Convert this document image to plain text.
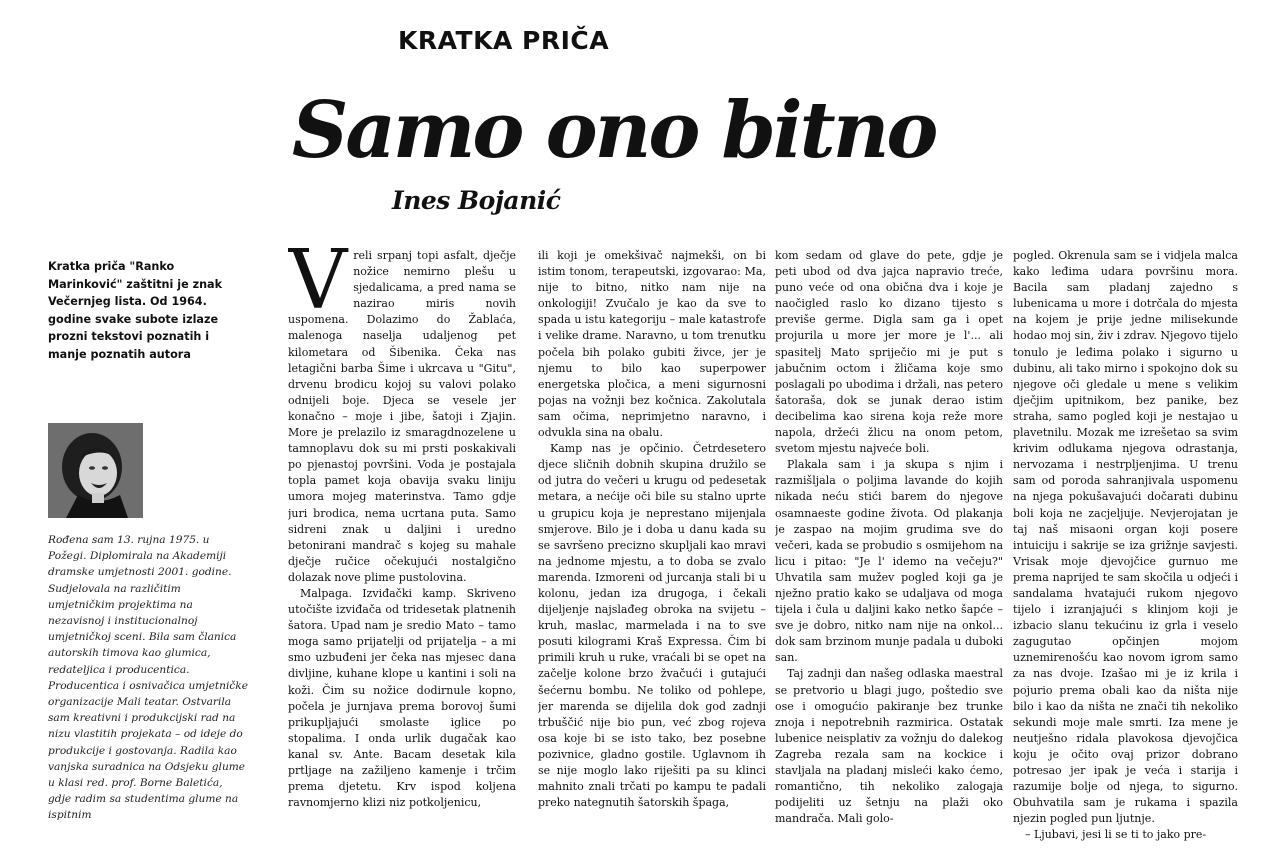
KRATKA PRIČA
Samo ono bitno
Ines Bojanić
Kratka priča "Ranko Marinković" zaštitni je znak Večernjeg lista. Od 1964. godine svake subote izlaze prozni tekstovi poznatih i manje poznatih autora
Rođena sam 13. rujna 1975. u Požegi. Diplomirala na Akademiji dramske umjetnosti 2001. godine. Sudjelovala na različitim umjetničkim projektima na nezavisnoj i institucionalnoj umjetničkoj sceni. Bila sam članica autorskih timova kao glumica, redateljica i producentica. Producentica i osnivačica umjetničke organizacije Mali teatar. Ostvarila sam kreativni i produkcijski rad na nizu vlastitih projekata – od ideje do produkcije i gostovanja. Radila kao vanjska suradnica na Odsjeku glume u klasi red. prof. Borne Baletića, gdje radim sa studentima glume na ispitnim
V reli srpanj topi asfalt, dječje nožice nemirno plešu u sjedalicama, a pred nama se nazirao miris novih uspomena. Dolazimo do Žablaća, malenoga naselja udaljenog pet kilometara od Šibenika. Čeka nas letagični barba Šime i ukrcava u "Gitu", drvenu brodicu kojoj su valovi polako odnijeli boje. Djeca se vesele jer konačno – moje i jibe, šatoji i Zjajin. More je prelazilo iz smaragdnozelene u tamnoplavu dok su mi prsti poskakivali po pjenastoj površini. Voda je postajala topla pamet koja obavija svaku liniju umora mojeg materinstva. Tamo gdje juri brodica, nema ucrtana puta. Samo sidreni znak u daljini i uredno betonirani mandrač s kojeg su mahale dječje ručice očekujući nostalgično dolazak nove plime pustolovina.

Malpaga. Izviđački kamp. Skriveno utočište izviđača od tridesetak platnenih šatora. Upad nam je sredio Mato – tamo moga samo prijatelji od prijatelja – a mi smo uzbuđeni jer čeka nas mjesec dana divljine, kuhane klope u kantini i soli na koži. Čim su nožice dodirnule kopno, počela je jurnjava prema borovoj šumi prikupljajući smolaste iglice po stopalima. I onda urlik dugačak kao kanal sv. Ante. Bacam desetak kila prtljage na zažiljeno kamenje i trčim prema djetetu. Krv ispod koljena ravnomjerno klizi niz potkoljenicu,

ili koji je omekšivač najmekši, on bi istim tonom, terapeutski, izgovarao: Ma, nije to bitno, nitko nam nije na onkologiji! Zvučalo je kao da sve to spada u istu kategoriju – male katastrofe i velike drame. Naravno, u tom trenutku počela bih polako gubiti živce, jer je njemu to bilo kao superpower energetska pločica, a meni sigurnosni pojas na vožnji bez kočnica. Zakolutala sam očima, neprimjetno naravno, i odvukla sina na obalu.

Kamp nas je opčinio. Četrdesetero djece sličnih dobnih skupina družilo se od jutra do večeri u krugu od pedesetak metara, a nećije oči bile su stalno uprte u grupicu koja je neprestano mijenjala smjerove. Bilo je i doba u danu kada su se savršeno precizno skupljali kao mravi na jednome mjestu, a to doba se zvalo marenda. Izmoreni od jurcanja stali bi u kolonu, jedan iza drugoga, i čekali dijeljenje najslađeg obroka na svijetu – kruh, maslac, marmelada i na to sve posuti kilogrami Kraš Expressa. Čim bi primili kruh u ruke, vraćali bi se opet na začelje kolone brzo žvačući i gutajući šećernu bombu. Ne toliko od pohlepe, jer marenda se dijelila dok god zadnji trbuščić nije bio pun, već zbog rojeva osa koje bi se isto tako, bez posebne pozivnice, gladno gostile. Uglavnom ih se nije moglo lako riješiti pa su klinci mahnito znali trčati po kampu te padali preko nategnutih šatorskih špaga,

kom sedam od glave do pete, gdje je peti ubod od dva jajca napravio treće, puno veće od ona obična dva i koje je naočigled raslo ko dizano tijesto s previše germe. Digla sam ga i opet projurila u more jer more je l'... ali spasitelj Mato spriječio mi je put s jabučnim octom i žličama koje smo poslagali po ubodima i držali, nas petero šatoraša, dok se junak derao istim decibelima kao sirena koja reže more napola, držeći žlicu na onom petom, svetom mjestu najveće boli.

Plakala sam i ja skupa s njim i razmišljala o poljima lavande do kojih nikada neću stići barem do njegove osamnaeste godine života. Od plakanja je zaspao na mojim grudima sve do večeri, kada se probudio s osmijehom na licu i pitao: "Je l' idemo na večeju?" Uhvatila sam mužev pogled koji ga je nježno pratio kako se udaljava od moga tijela i čula u daljini kako netko šapće – sve je dobro, nitko nam nije na onkol... dok sam brzinom munje padala u duboki san.

Taj zadnji dan našeg odlaska maestral se pretvorio u blagi jugo, poštedio sve ose i omogućio pakiranje bez trunke znoja i nepotrebnih razmirica. Ostatak lubenice neisplativ za vožnju do dalekog Zagreba rezala sam na kockice i stavljala na pladanj misleći kako ćemo, romantično, tih nekoliko zalogaja podijeliti uz šetnju na plaži oko mandrača. Mali golo-

pogled. Okrenula sam se i vidjela malca kako leđima udara površinu mora. Bacila sam pladanj zajedno s lubenicama u more i dotrčala do mjesta na kojem je prije jedne milisekunde hodao moj sin, živ i zdrav. Njegovo tijelo tonulo je leđima polako i sigurno u dubinu, ali tako mirno i spokojno dok su njegove oči gledale u mene s velikim dječjim upitnikom, bez panike, bez straha, samo pogled koji je nestajao u plavetnilu. Mozak me izrešetao sa svim krivim odlukama njegova odrastanja, nervozama i nestrpljenjima. U trenu sam od poroda sahranjivala uspomenu na njega pokušavajući dočarati dubinu boli koja ne zacjeljuje. Nevjerojatan je taj naš misaoni organ koji posere intuiciju i sakrije se iza grižnje savjesti. Vrisak moje djevojčice gurnuo me prema naprijed te sam skočila u odjeći i sandalama hvatajući rukom njegovo tijelo i izranjajući s klinjom koji je izbacio slanu tekućinu iz grla i veselo zagugutao opčinjen mojom uznemirenošću kao novom igrom samo za nas dvoje. Izašao mi je iz krila i pojurio prema obali kao da ništa nije bilo i kao da ništa ne znači tih nekoliko sekundi moje male smrti. Iza mene je neutješno ridala plavokosa djevojčica koju je očito ovaj prizor dobrano potresao jer ipak je veća i starija i razumije bolje od njega, to sigurno. Obuhvatila sam je rukama i spazila njezin pogled pun ljutnje.

– Ljubavi, jesi li se ti to jako pre-
